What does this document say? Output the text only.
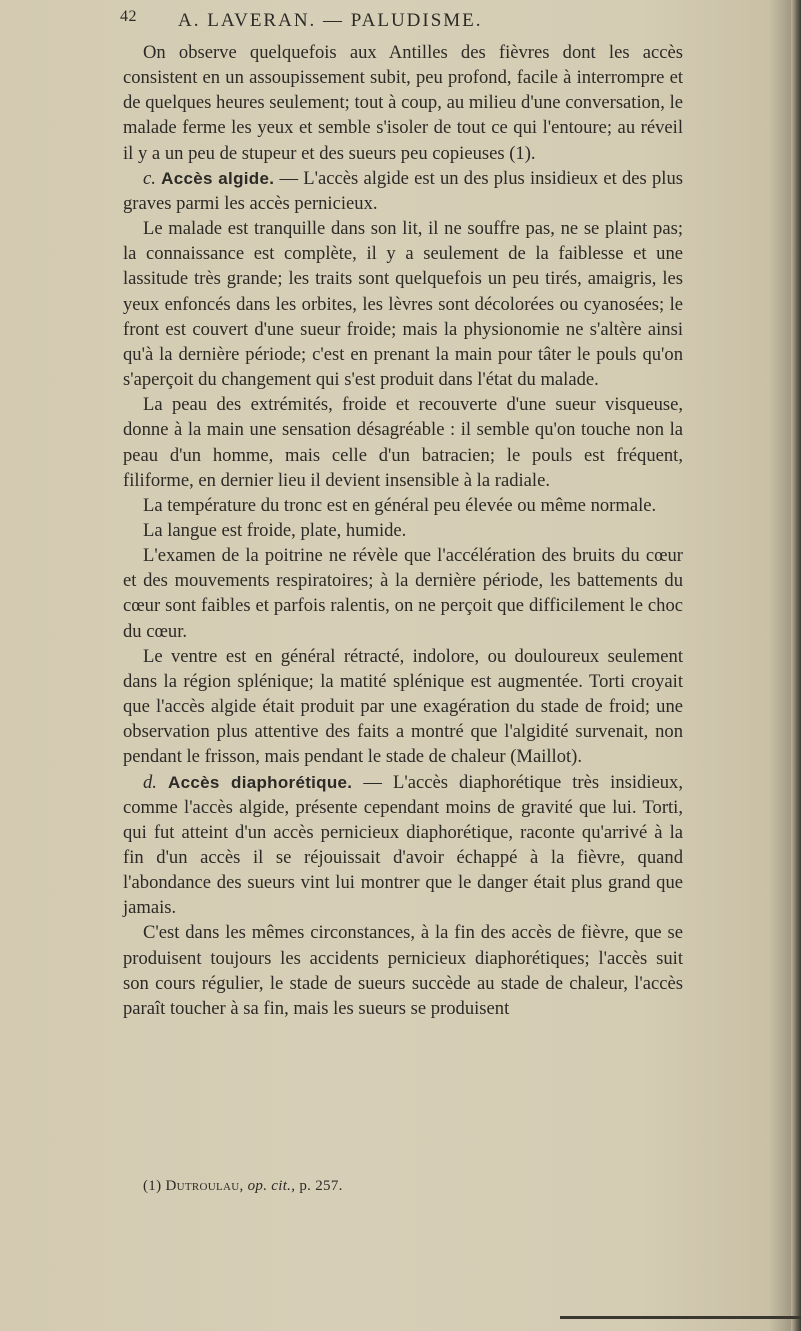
42 A. LAVERAN. — PALUDISME.

On observe quelquefois aux Antilles des fièvres dont les accès consistent en un assoupissement subit, peu profond, facile à interrompre et de quelques heures seulement; tout à coup, au milieu d'une conversation, le malade ferme les yeux et semble s'isoler de tout ce qui l'entoure; au réveil il y a un peu de stupeur et des sueurs peu copieuses (1).

c. Accès algide. — L'accès algide est un des plus insidieux et des plus graves parmi les accès pernicieux.

Le malade est tranquille dans son lit, il ne souffre pas, ne se plaint pas; la connaissance est complète, il y a seulement de la faiblesse et une lassitude très grande; les traits sont quelquefois un peu tirés, amaigris, les yeux enfoncés dans les orbites, les lèvres sont décolorées ou cyanosées; le front est couvert d'une sueur froide; mais la physionomie ne s'altère ainsi qu'à la dernière période; c'est en prenant la main pour tâter le pouls qu'on s'aperçoit du changement qui s'est produit dans l'état du malade.

La peau des extrémités, froide et recouverte d'une sueur visqueuse, donne à la main une sensation désagréable : il semble qu'on touche non la peau d'un homme, mais celle d'un batracien; le pouls est fréquent, filiforme, en dernier lieu il devient insensible à la radiale.

La température du tronc est en général peu élevée ou même normale.

La langue est froide, plate, humide.

L'examen de la poitrine ne révèle que l'accélération des bruits du cœur et des mouvements respiratoires; à la dernière période, les battements du cœur sont faibles et parfois ralentis, on ne perçoit que difficilement le choc du cœur.

Le ventre est en général rétracté, indolore, ou douloureux seulement dans la région splénique; la matité splénique est augmentée. Torti croyait que l'accès algide était produit par une exagération du stade de froid; une observation plus attentive des faits a montré que l'algidité survenait, non pendant le frisson, mais pendant le stade de chaleur (Maillot).

d. Accès diaphorétique. — L'accès diaphorétique très insidieux, comme l'accès algide, présente cependant moins de gravité que lui. Torti, qui fut atteint d'un accès pernicieux diaphorétique, raconte qu'arrivé à la fin d'un accès il se réjouissait d'avoir échappé à la fièvre, quand l'abondance des sueurs vint lui montrer que le danger était plus grand que jamais.

C'est dans les mêmes circonstances, à la fin des accès de fièvre, que se produisent toujours les accidents pernicieux diaphorétiques; l'accès suit son cours régulier, le stade de sueurs succède au stade de chaleur, l'accès paraît toucher à sa fin, mais les sueurs se produisent

(1) Dutroulau, op. cit., p. 257.
